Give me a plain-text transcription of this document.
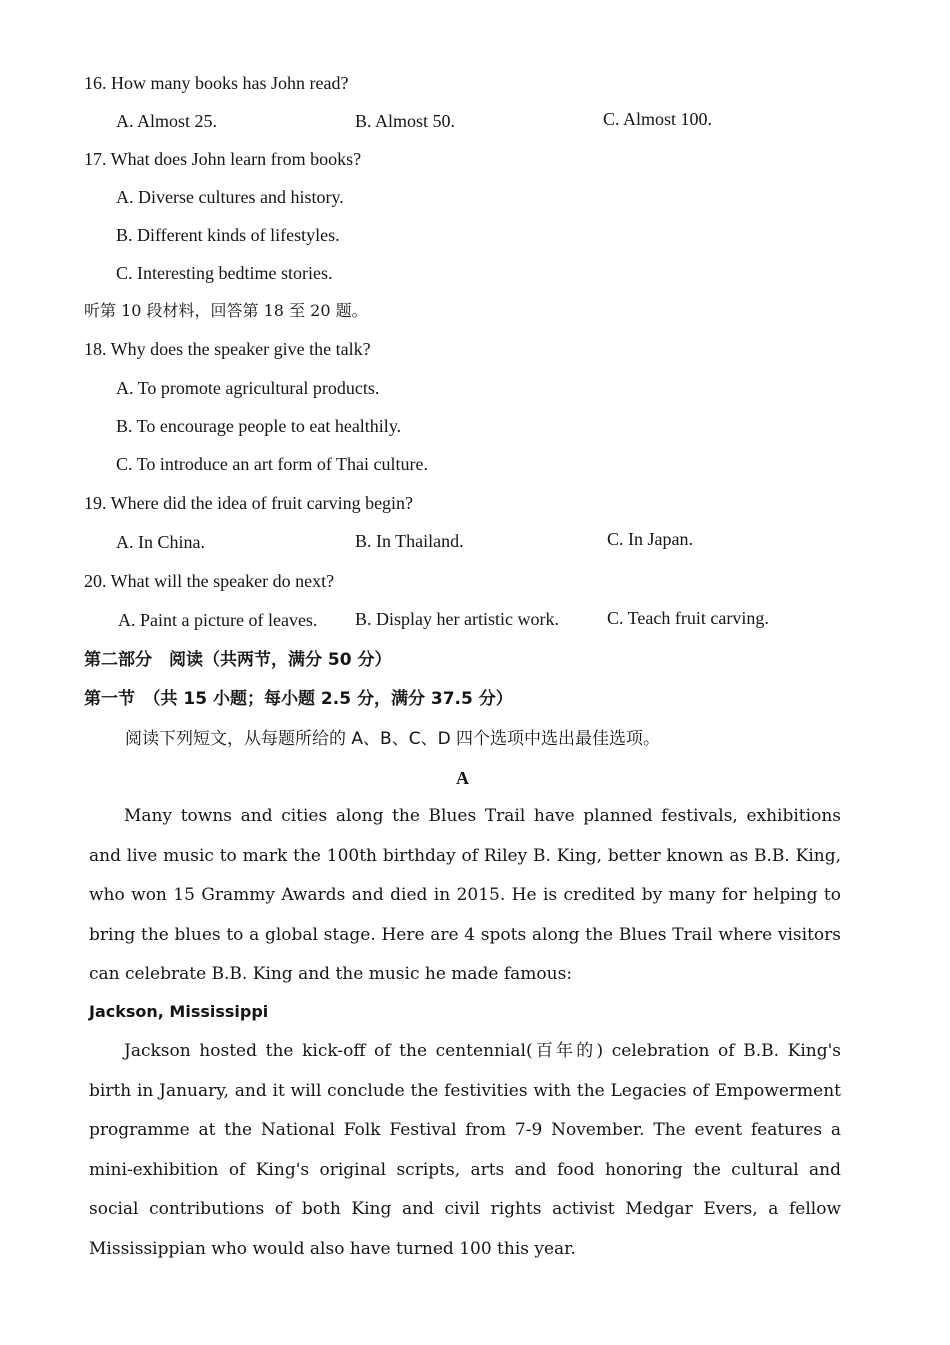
16. How many books has John read?
A. Almost 25.	B. Almost 50.	C. Almost 100.
17. What does John learn from books?
A. Diverse cultures and history.
B. Different kinds of lifestyles.
C. Interesting bedtime stories.
听第 10 段材料，回答第 18 至 20 题。
18. Why does the speaker give the talk?
A. To promote agricultural products.
B. To encourage people to eat healthily.
C. To introduce an art form of Thai culture.
19. Where did the idea of fruit carving begin?
A. In China.	B. In Thailand.	C. In Japan.
20. What will the speaker do next?
A. Paint a picture of leaves. B. Display her artistic work.	C. Teach fruit carving.
第二部分　阅读（共两节，满分 50 分）
第一节　（共 15 小题；每小题 2.5 分，满分 37.5 分）
阅读下列短文，从每题所给的 A、B、C、D 四个选项中选出最佳选项。
A

Many towns and cities along the Blues Trail have planned festivals, exhibitions and live music to mark the 100th birthday of Riley B. King, better known as B.B. King, who won 15 Grammy Awards and died in 2015. He is credited by many for helping to bring the blues to a global stage. Here are 4 spots along the Blues Trail where visitors can celebrate B.B. King and the music he made famous:

Jackson, Mississippi

Jackson hosted the kick-off of the centennial(百年的) celebration of B.B. King's birth in January, and it will conclude the festivities with the Legacies of Empowerment programme at the National Folk Festival from 7-9 November. The event features a mini-exhibition of King's original scripts, arts and food honoring the cultural and social contributions of both King and civil rights activist Medgar Evers, a fellow Mississippian who would also have turned 100 this year.
